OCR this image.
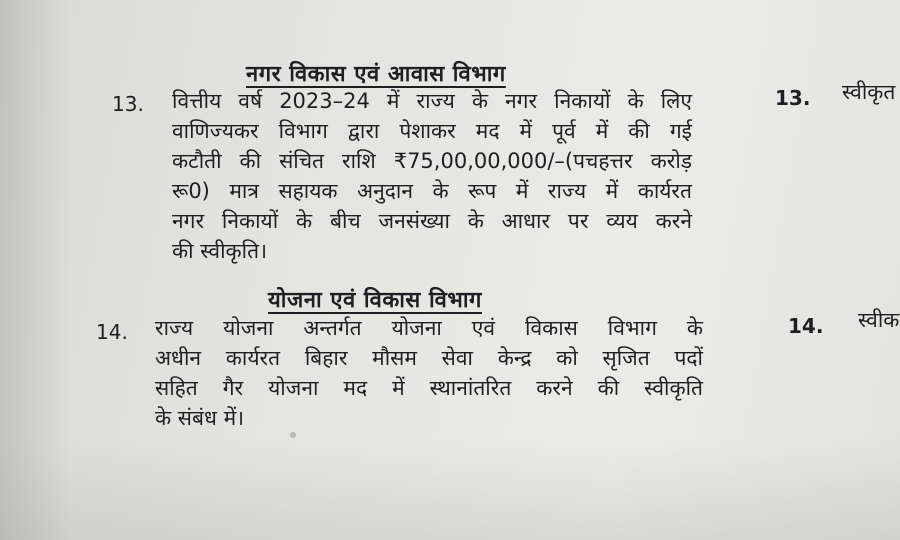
नगर विकास एवं आवास विभाग
13. वित्तीय वर्ष 2023–24 में राज्य के नगर निकायों के लिए
वाणिज्यकर विभाग द्वारा पेशाकर मद में पूर्व में की गई
कटौती की संचित राशि ₹75,00,00,000/–(पचहत्तर करोड़
रू0) मात्र सहायक अनुदान के रूप में राज्य में कार्यरत
नगर निकायों के बीच जनसंख्या के आधार पर व्यय करने
की स्वीकृति।
13. स्वीकृत
योजना एवं विकास विभाग
14. राज्य योजना अन्तर्गत योजना एवं विकास विभाग के
अधीन कार्यरत बिहार मौसम सेवा केन्द्र को सृजित पदों
सहित गैर योजना मद में स्थानांतरित करने की स्वीकृति
के संबंध में।
14. स्वीक
